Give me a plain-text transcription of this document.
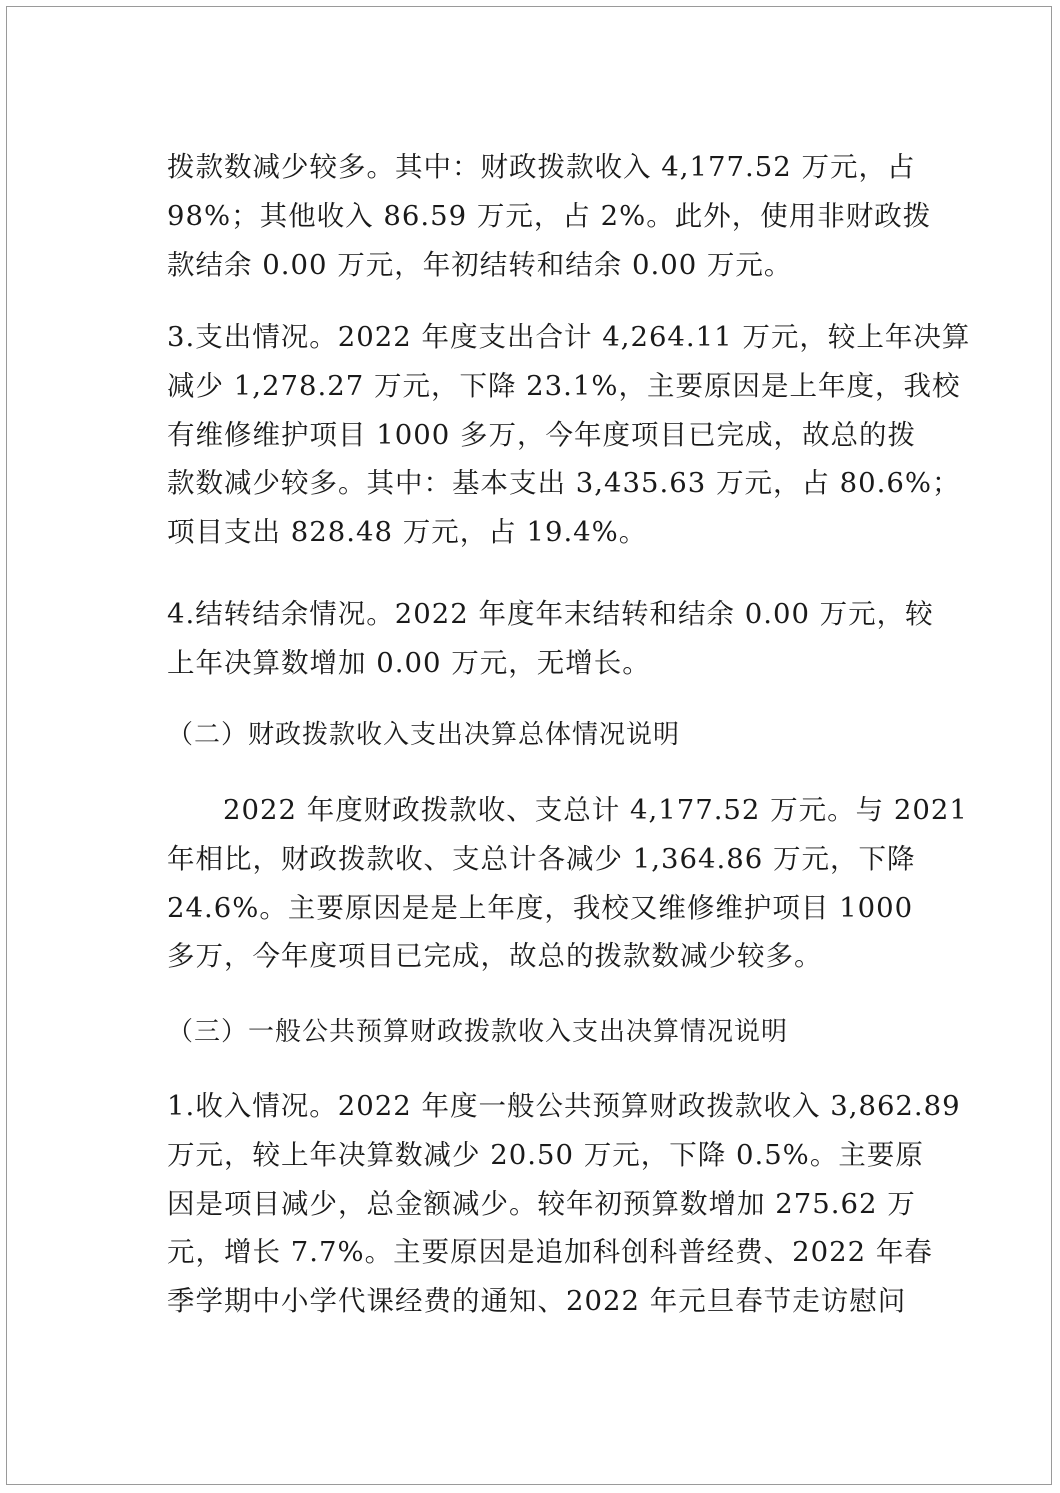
拨款数减少较多。其中：财政拨款收入 4,177.52 万元，占
98%；其他收入 86.59 万元，占 2%。此外，使用非财政拨
款结余 0.00 万元，年初结转和结余 0.00 万元。
3.支出情况。2022 年度支出合计 4,264.11 万元，较上年决算
减少 1,278.27 万元，下降 23.1%，主要原因是上年度，我校
有维修维护项目 1000 多万，今年度项目已完成，故总的拨
款数减少较多。其中：基本支出 3,435.63 万元，占 80.6%；
项目支出 828.48 万元，占 19.4%。
4.结转结余情况。2022 年度年末结转和结余 0.00 万元，较
上年决算数增加 0.00 万元，无增长。
（二）财政拨款收入支出决算总体情况说明
2022 年度财政拨款收、支总计 4,177.52 万元。与 2021
年相比，财政拨款收、支总计各减少 1,364.86 万元，下降
24.6%。主要原因是是上年度，我校又维修维护项目 1000
多万，今年度项目已完成，故总的拨款数减少较多。
（三）一般公共预算财政拨款收入支出决算情况说明
1.收入情况。2022 年度一般公共预算财政拨款收入 3,862.89
万元，较上年决算数减少 20.50 万元，下降 0.5%。主要原
因是项目减少，总金额减少。较年初预算数增加 275.62 万
元，增长 7.7%。主要原因是追加科创科普经费、2022 年春
季学期中小学代课经费的通知、2022 年元旦春节走访慰问
